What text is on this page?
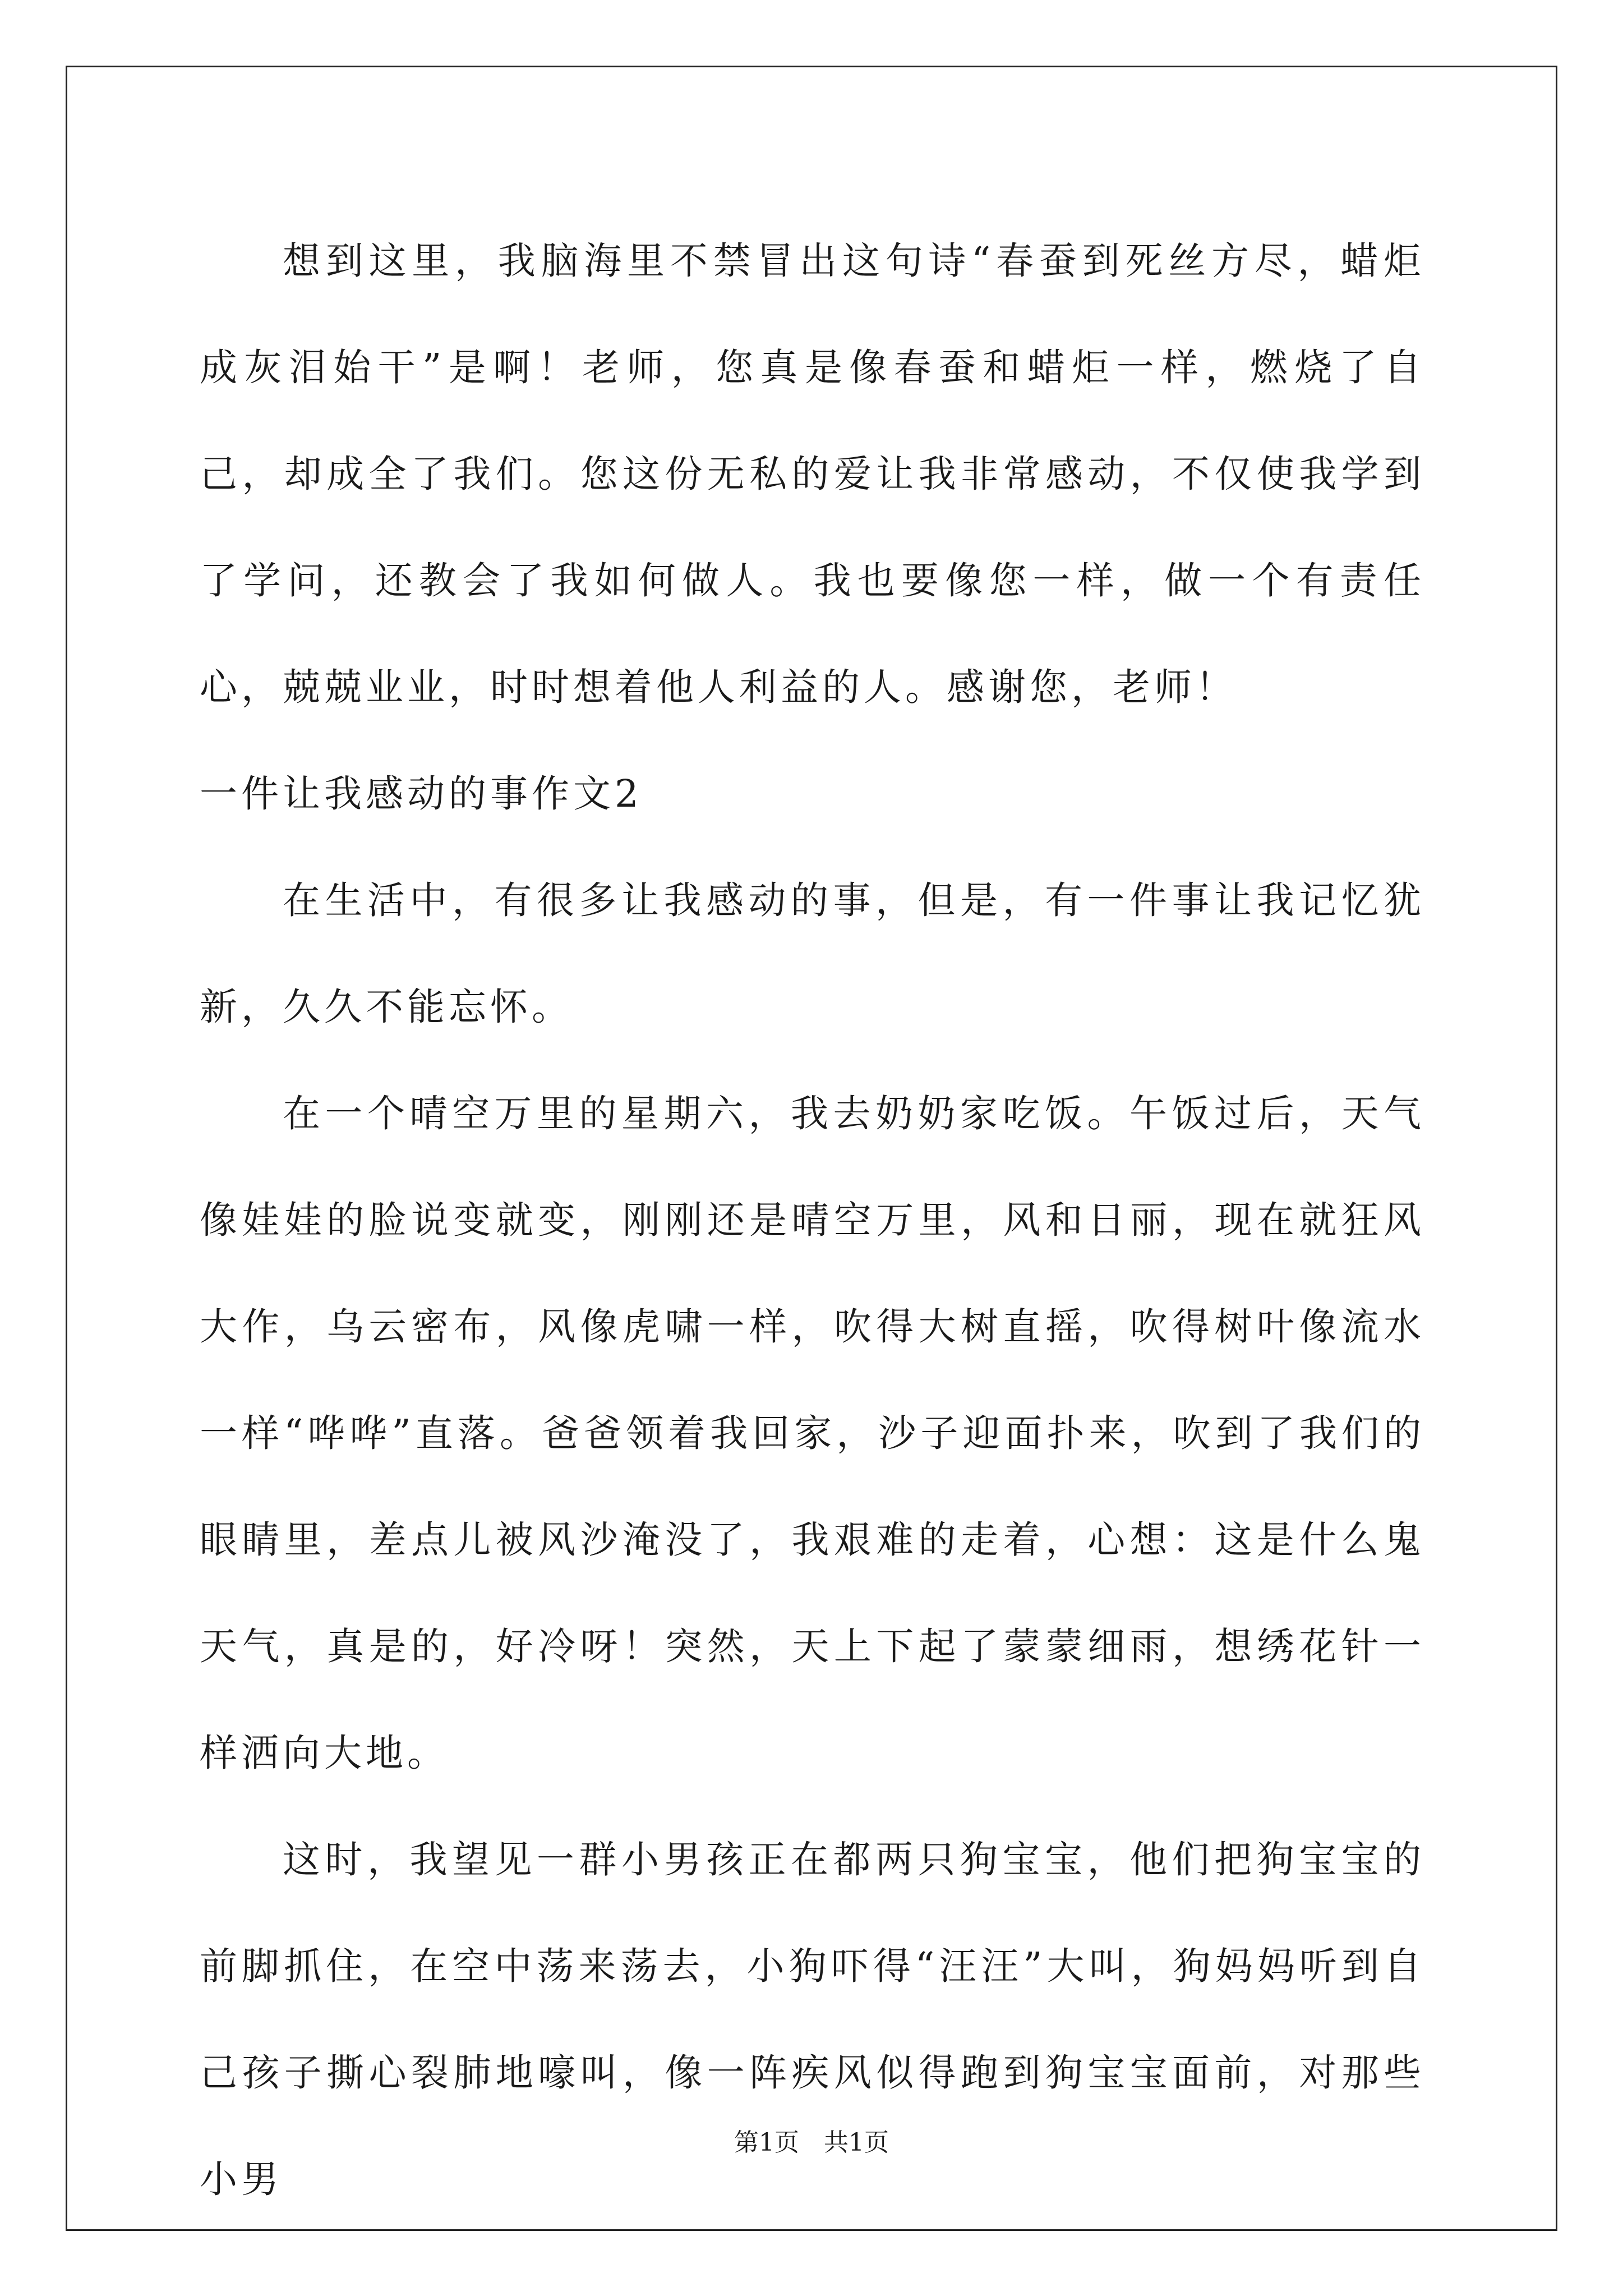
想到这里，我脑海里不禁冒出这句诗“春蚕到死丝方尽，蜡炬成灰泪始干”是啊！老师，您真是像春蚕和蜡炬一样，燃烧了自己，却成全了我们。您这份无私的爱让我非常感动，不仅使我学到了学问，还教会了我如何做人。我也要像您一样，做一个有责任心，兢兢业业，时时想着他人利益的人。感谢您，老师！

一件让我感动的事作文2

在生活中，有很多让我感动的事，但是，有一件事让我记忆犹新，久久不能忘怀。

在一个晴空万里的星期六，我去奶奶家吃饭。午饭过后，天气像娃娃的脸说变就变，刚刚还是晴空万里，风和日丽，现在就狂风大作，乌云密布，风像虎啸一样，吹得大树直摇，吹得树叶像流水一样“哗哗”直落。爸爸领着我回家，沙子迎面扑来，吹到了我们的眼睛里，差点儿被风沙淹没了，我艰难的走着，心想：这是什么鬼天气，真是的，好冷呀！突然，天上下起了蒙蒙细雨，想绣花针一样洒向大地。

这时，我望见一群小男孩正在都两只狗宝宝，他们把狗宝宝的前脚抓住，在空中荡来荡去，小狗吓得“汪汪”大叫，狗妈妈听到自己孩子撕心裂肺地嚎叫，像一阵疾风似得跑到狗宝宝面前，对那些小男

第1页　共1页
